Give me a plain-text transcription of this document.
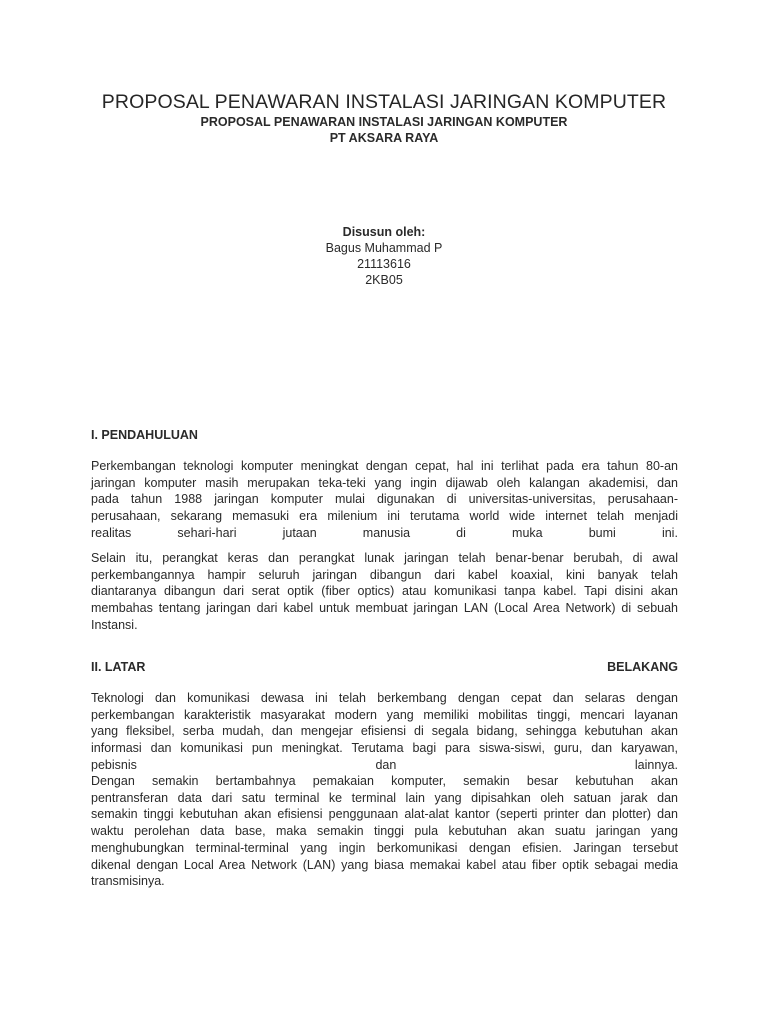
PROPOSAL PENAWARAN INSTALASI JARINGAN KOMPUTER
PROPOSAL PENAWARAN INSTALASI JARINGAN KOMPUTER
PT AKSARA RAYA
Disusun oleh:
Bagus Muhammad P
21113616
2KB05
I. PENDAHULUAN
Perkembangan teknologi komputer meningkat dengan cepat, hal ini terlihat pada era tahun 80-an
jaringan komputer masih merupakan teka-teki yang ingin dijawab oleh kalangan akademisi, dan
pada tahun 1988 jaringan komputer mulai digunakan di universitas-universitas, perusahaan-
perusahaan, sekarang memasuki era milenium ini terutama world wide internet telah menjadi
realitas	sehari-hari	jutaan	manusia	di	muka	bumi	ini.
Selain itu, perangkat keras dan perangkat lunak jaringan telah benar-benar berubah, di awal
perkembangannya hampir seluruh jaringan dibangun dari kabel koaxial, kini banyak telah
diantaranya dibangun dari serat optik (fiber optics) atau komunikasi tanpa kabel. Tapi disini akan
membahas tentang jaringan dari kabel untuk membuat jaringan LAN (Local Area Network) di sebuah
Instansi.
II. LATAR	BELAKANG
Teknologi dan komunikasi dewasa ini telah berkembang dengan cepat dan selaras dengan
perkembangan karakteristik masyarakat modern yang memiliki mobilitas tinggi, mencari layanan
yang fleksibel, serba mudah, dan mengejar efisiensi di segala bidang, sehingga kebutuhan akan
informasi dan komunikasi pun meningkat. Terutama bagi para siswa-siswi, guru, dan karyawan,
pebisnis	dan	lainnya.
Dengan semakin bertambahnya pemakaian komputer, semakin besar kebutuhan akan
pentransferan data dari satu terminal ke terminal lain yang dipisahkan oleh satuan jarak dan
semakin tinggi kebutuhan akan efisiensi penggunaan alat-alat kantor (seperti printer dan plotter) dan
waktu perolehan data base, maka semakin tinggi pula kebutuhan akan suatu jaringan yang
menghubungkan terminal-terminal yang ingin berkomunikasi dengan efisien. Jaringan tersebut
dikenal dengan Local Area Network (LAN) yang biasa memakai kabel atau fiber optik sebagai media
transmisinya.
